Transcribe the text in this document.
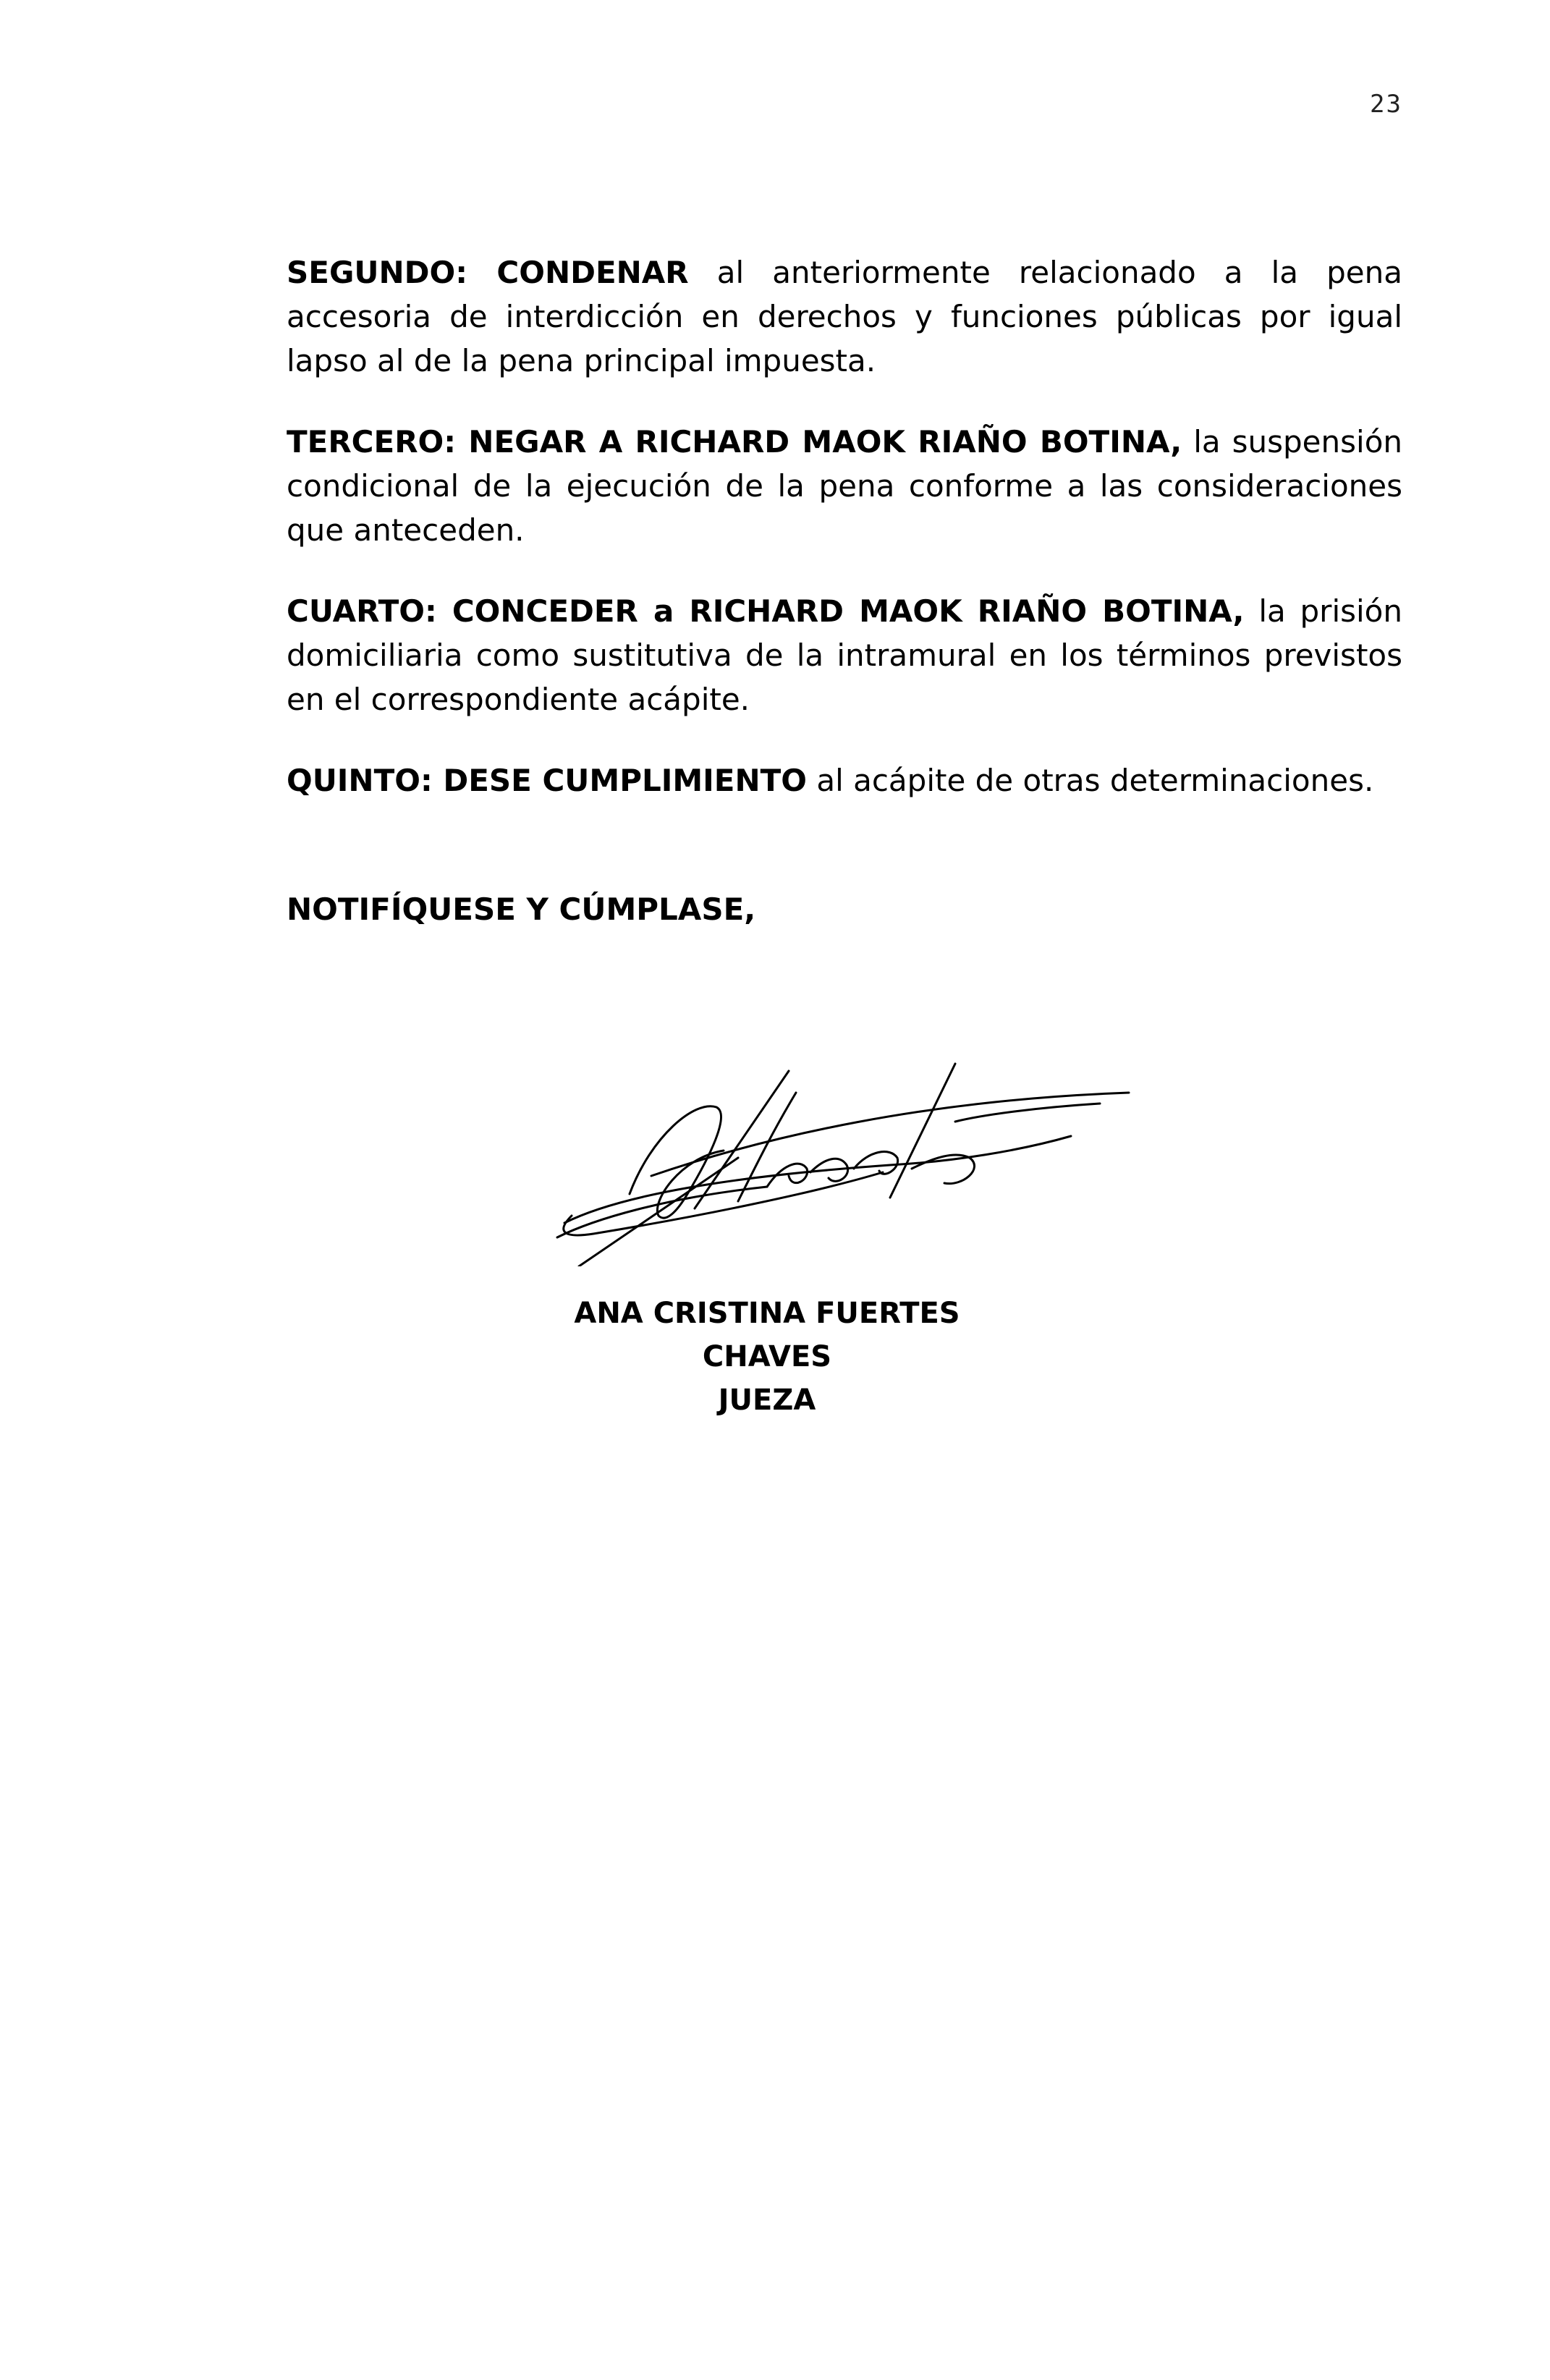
23

SEGUNDO: CONDENAR al anteriormente relacionado a la pena accesoria de interdicción en derechos y funciones públicas por igual lapso al de la pena principal impuesta.

TERCERO: NEGAR A RICHARD MAOK RIAÑO BOTINA, la suspensión condicional de la ejecución de la pena conforme a las consideraciones que anteceden.

CUARTO: CONCEDER a RICHARD MAOK RIAÑO BOTINA, la prisión domiciliaria como sustitutiva de la intramural en los términos previstos en el correspondiente acápite.

QUINTO: DESE CUMPLIMIENTO al acápite de otras determinaciones.

NOTIFÍQUESE Y CÚMPLASE,
ANA CRISTINA FUERTES CHAVES
JUEZA
